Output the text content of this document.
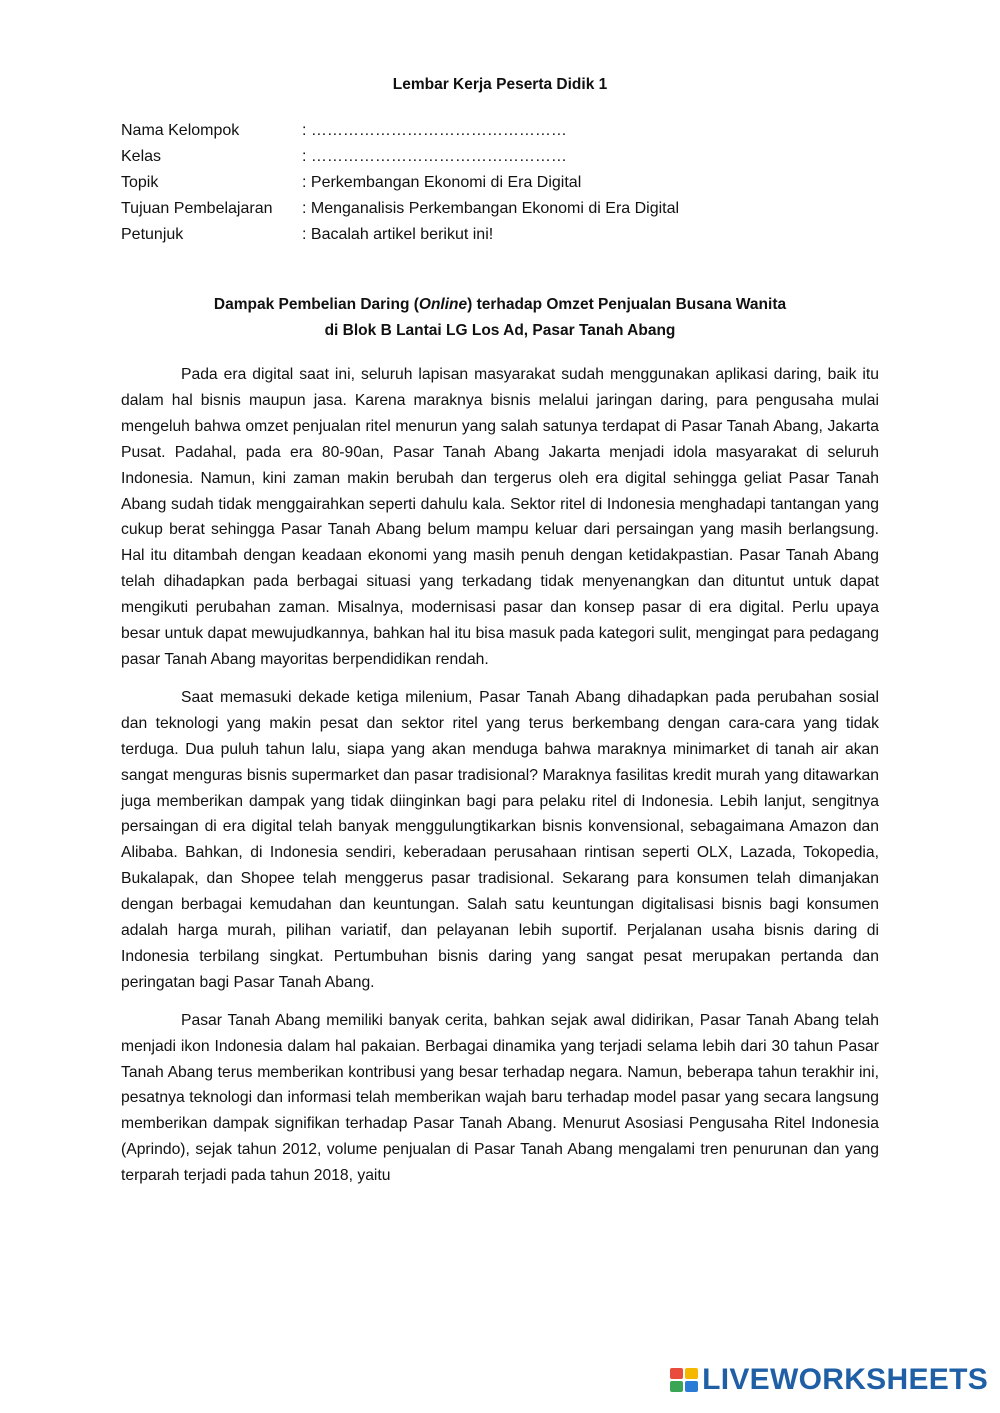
Lembar Kerja Peserta Didik 1
Nama Kelompok	: …………………………………………
Kelas	: …………………………………………
Topik	: Perkembangan Ekonomi di Era Digital
Tujuan Pembelajaran	: Menganalisis Perkembangan Ekonomi di Era Digital
Petunjuk	: Bacalah artikel berikut ini!
Dampak Pembelian Daring (Online) terhadap Omzet Penjualan Busana Wanita
di Blok B Lantai LG Los Ad, Pasar Tanah Abang

Pada era digital saat ini, seluruh lapisan masyarakat sudah menggunakan aplikasi daring, baik itu dalam hal bisnis maupun jasa. Karena maraknya bisnis melalui jaringan daring, para pengusaha mulai mengeluh bahwa omzet penjualan ritel menurun yang salah satunya terdapat di Pasar Tanah Abang, Jakarta Pusat. Padahal, pada era 80-90an, Pasar Tanah Abang Jakarta menjadi idola masyarakat di seluruh Indonesia. Namun, kini zaman makin berubah dan tergerus oleh era digital sehingga geliat Pasar Tanah Abang sudah tidak menggairahkan seperti dahulu kala. Sektor ritel di Indonesia menghadapi tantangan yang cukup berat sehingga Pasar Tanah Abang belum mampu keluar dari persaingan yang masih berlangsung. Hal itu ditambah dengan keadaan ekonomi yang masih penuh dengan ketidakpastian. Pasar Tanah Abang telah dihadapkan pada berbagai situasi yang terkadang tidak menyenangkan dan dituntut untuk dapat mengikuti perubahan zaman. Misalnya, modernisasi pasar dan konsep pasar di era digital. Perlu upaya besar untuk dapat mewujudkannya, bahkan hal itu bisa masuk pada kategori sulit, mengingat para pedagang pasar Tanah Abang mayoritas berpendidikan rendah.

Saat memasuki dekade ketiga milenium, Pasar Tanah Abang dihadapkan pada perubahan sosial dan teknologi yang makin pesat dan sektor ritel yang terus berkembang dengan cara-cara yang tidak terduga. Dua puluh tahun lalu, siapa yang akan menduga bahwa maraknya minimarket di tanah air akan sangat menguras bisnis supermarket dan pasar tradisional? Maraknya fasilitas kredit murah yang ditawarkan juga memberikan dampak yang tidak diinginkan bagi para pelaku ritel di Indonesia. Lebih lanjut, sengitnya persaingan di era digital telah banyak menggulungtikarkan bisnis konvensional, sebagaimana Amazon dan Alibaba. Bahkan, di Indonesia sendiri, keberadaan perusahaan rintisan seperti OLX, Lazada, Tokopedia, Bukalapak, dan Shopee telah menggerus pasar tradisional. Sekarang para konsumen telah dimanjakan dengan berbagai kemudahan dan keuntungan. Salah satu keuntungan digitalisasi bisnis bagi konsumen adalah harga murah, pilihan variatif, dan pelayanan lebih suportif. Perjalanan usaha bisnis daring di Indonesia terbilang singkat. Pertumbuhan bisnis daring yang sangat pesat merupakan pertanda dan peringatan bagi Pasar Tanah Abang.

Pasar Tanah Abang memiliki banyak cerita, bahkan sejak awal didirikan, Pasar Tanah Abang telah menjadi ikon Indonesia dalam hal pakaian. Berbagai dinamika yang terjadi selama lebih dari 30 tahun Pasar Tanah Abang terus memberikan kontribusi yang besar terhadap negara. Namun, beberapa tahun terakhir ini, pesatnya teknologi dan informasi telah memberikan wajah baru terhadap model pasar yang secara langsung memberikan dampak signifikan terhadap Pasar Tanah Abang. Menurut Asosiasi Pengusaha Ritel Indonesia (Aprindo), sejak tahun 2012, volume penjualan di Pasar Tanah Abang mengalami tren penurunan dan yang terparah terjadi pada tahun 2018, yaitu

LIVEWORKSHEETS
